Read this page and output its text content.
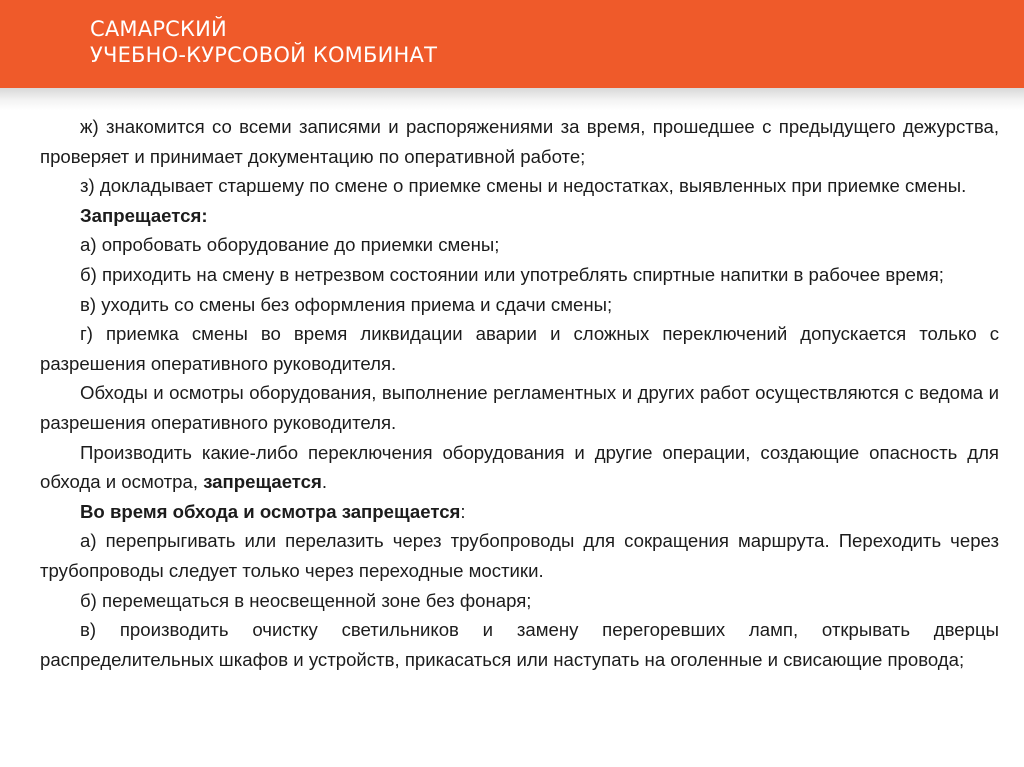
САМАРСКИЙ
УЧЕБНО-КУРСОВОЙ КОМБИНАТ

ж) знакомится со всеми записями и распоряжениями за время, прошедшее с предыдущего дежурства, проверяет и принимает документацию по оперативной работе;

з) докладывает старшему по смене о приемке смены и недостатках, выявленных при приемке смены.

Запрещается:

а) опробовать оборудование до приемки смены;

б) приходить на смену в нетрезвом состоянии или употреблять спиртные напитки в рабочее время;

в) уходить со смены без оформления приема и сдачи смены;

г) приемка смены во время ликвидации аварии и сложных переключений допускается только с разрешения оперативного руководителя.

Обходы и осмотры оборудования, выполнение регламентных и других работ осуществляются с ведома и разрешения оперативного руководителя.

Производить какие-либо переключения оборудования и другие операции, создающие опасность для обхода и осмотра, запрещается.

Во время обхода и осмотра запрещается:

а) перепрыгивать или перелазить через трубопроводы для сокращения маршрута. Переходить через трубопроводы следует только через переходные мостики.

б) перемещаться в неосвещенной зоне без фонаря;

в) производить очистку светильников и замену перегоревших ламп, открывать дверцы распределительных шкафов и устройств, прикасаться или наступать на оголенные и свисающие провода;
